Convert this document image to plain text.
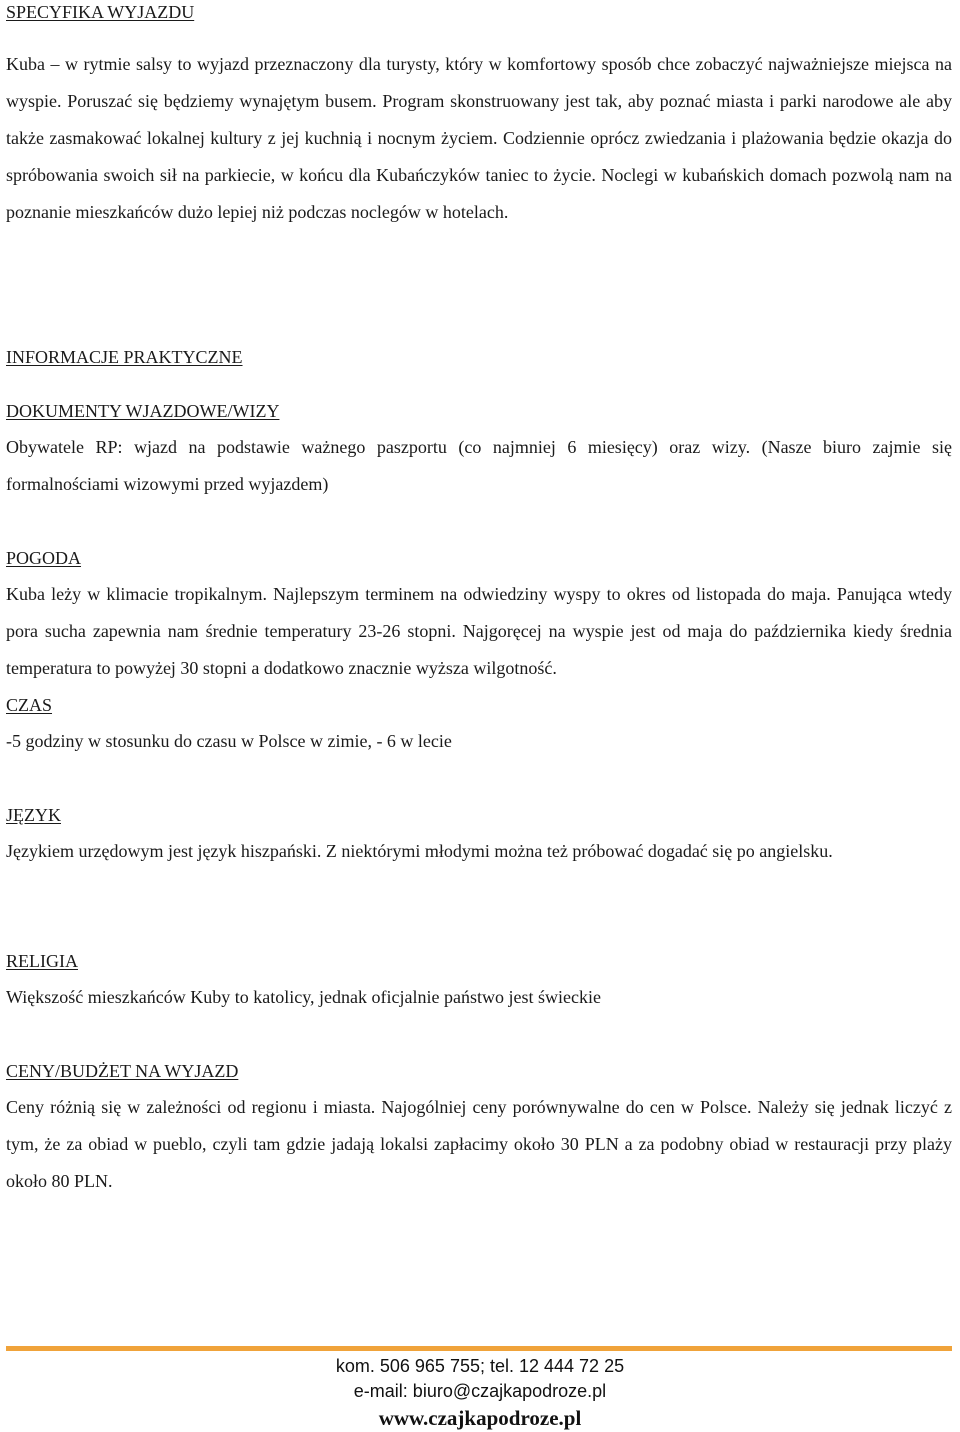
SPECYFIKA WYJAZDU

Kuba – w rytmie salsy to wyjazd przeznaczony dla turysty, który w komfortowy sposób chce zobaczyć najważniejsze miejsca na wyspie. Poruszać się będziemy wynajętym busem. Program skonstruowany jest tak, aby poznać miasta i parki narodowe ale aby także zasmakować lokalnej kultury z jej kuchnią i nocnym życiem. Codziennie oprócz zwiedzania i plażowania będzie okazja do spróbowania swoich sił na parkiecie, w końcu dla Kubańczyków taniec to życie. Noclegi w kubańskich domach pozwolą nam na poznanie mieszkańców dużo lepiej niż podczas noclegów w hotelach.

INFORMACJE PRAKTYCZNE

DOKUMENTY WJAZDOWE/WIZY

Obywatele RP: wjazd na podstawie ważnego paszportu (co najmniej 6 miesięcy) oraz wizy. (Nasze biuro zajmie się formalnościami wizowymi przed wyjazdem)

POGODA

Kuba leży w klimacie tropikalnym. Najlepszym terminem na odwiedziny wyspy to okres od listopada do maja. Panująca wtedy pora sucha zapewnia nam średnie temperatury 23-26 stopni. Najgoręcej na wyspie jest od maja do października kiedy średnia temperatura to powyżej 30 stopni a dodatkowo znacznie wyższa wilgotność.

CZAS

-5 godziny w stosunku do czasu w Polsce w zimie, - 6 w lecie

JĘZYK

Językiem urzędowym jest język hiszpański. Z niektórymi młodymi można też próbować dogadać się po angielsku.

RELIGIA

Większość mieszkańców Kuby to katolicy, jednak oficjalnie państwo jest świeckie

CENY/BUDŻET NA WYJAZD

Ceny różnią się w zależności od regionu i miasta. Najogólniej ceny porównywalne do cen w Polsce. Należy się jednak liczyć z tym, że za obiad w pueblo, czyli tam gdzie jadają lokalsi zapłacimy około 30 PLN a za podobny obiad w restauracji przy plaży około 80 PLN.

kom. 506 965 755; tel. 12 444 72 25

e-mail: biuro@czajkapodroze.pl

www.czajkapodroze.pl
